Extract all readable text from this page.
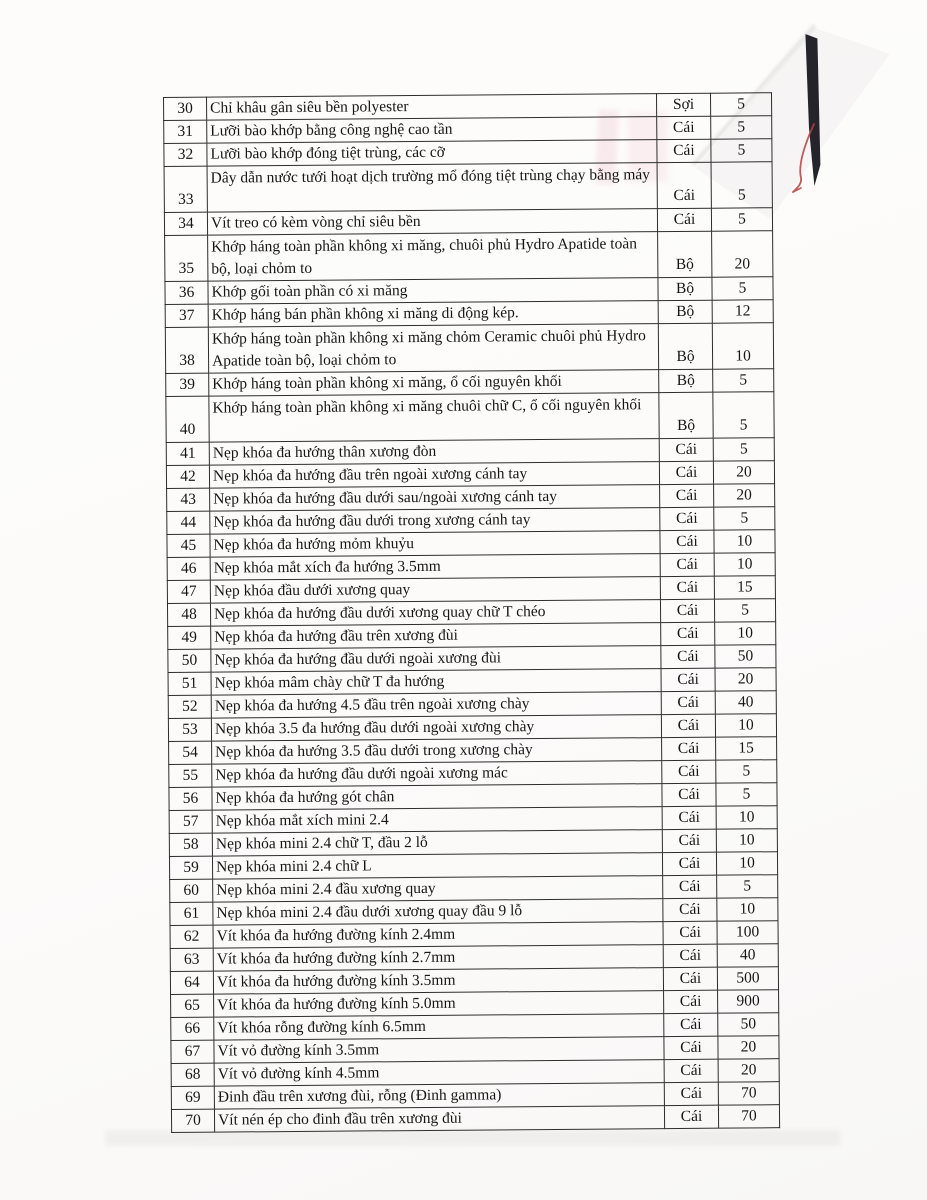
30	Chỉ khâu gân siêu bền polyester	Sợi	5
31	Lưỡi bào khớp bằng công nghệ cao tần	Cái	5
32	Lưỡi bào khớp đóng tiệt trùng, các cỡ	Cái	5
33	Dây dẫn nước tưới hoạt dịch trường mổ đóng tiệt trùng chạy bằng máy	Cái	5
34	Vít treo có kèm vòng chỉ siêu bền	Cái	5
35	Khớp háng toàn phần không xi măng, chuôi phủ Hydro Apatide toàn bộ, loại chỏm to	Bộ	20
36	Khớp gối toàn phần có xi măng	Bộ	5
37	Khớp háng bán phần không xi măng di động kép.	Bộ	12
38	Khớp háng toàn phần không xi măng chỏm Ceramic chuôi phủ Hydro Apatide toàn bộ, loại chỏm to	Bộ	10
39	Khớp háng toàn phần không xi măng, ổ cối nguyên khối	Bộ	5
40	Khớp háng toàn phần không xi măng chuôi chữ C, ổ cối nguyên khối	Bộ	5
41	Nẹp khóa đa hướng thân xương đòn	Cái	5
42	Nẹp khóa đa hướng đầu trên ngoài xương cánh tay	Cái	20
43	Nẹp khóa đa hướng đầu dưới sau/ngoài xương cánh tay	Cái	20
44	Nẹp khóa đa hướng đầu dưới trong xương cánh tay	Cái	5
45	Nẹp khóa đa hướng mỏm khuỷu	Cái	10
46	Nẹp khóa mắt xích đa hướng 3.5mm	Cái	10
47	Nẹp khóa đầu dưới xương quay	Cái	15
48	Nẹp khóa đa hướng đầu dưới xương quay chữ T chéo	Cái	5
49	Nẹp khóa đa hướng đầu trên xương đùi	Cái	10
50	Nẹp khóa đa hướng đầu dưới ngoài xương đùi	Cái	50
51	Nẹp khóa mâm chày chữ T đa hướng	Cái	20
52	Nẹp khóa đa hướng 4.5 đầu trên ngoài xương chày	Cái	40
53	Nẹp khóa 3.5 đa hướng đầu dưới ngoài xương chày	Cái	10
54	Nẹp khóa đa hướng 3.5 đầu dưới trong xương chày	Cái	15
55	Nẹp khóa đa hướng đầu dưới ngoài xương mác	Cái	5
56	Nẹp khóa đa hướng gót chân	Cái	5
57	Nẹp khóa mắt xích mini 2.4	Cái	10
58	Nẹp khóa mini 2.4 chữ T, đầu 2 lỗ	Cái	10
59	Nẹp khóa mini 2.4 chữ L	Cái	10
60	Nẹp khóa mini 2.4 đầu xương quay	Cái	5
61	Nẹp khóa mini 2.4 đầu dưới xương quay đầu 9 lỗ	Cái	10
62	Vít khóa đa hướng đường kính 2.4mm	Cái	100
63	Vít khóa đa hướng đường kính 2.7mm	Cái	40
64	Vít khóa đa hướng đường kính 3.5mm	Cái	500
65	Vít khóa đa hướng đường kính 5.0mm	Cái	900
66	Vít khóa rỗng đường kính 6.5mm	Cái	50
67	Vít vỏ đường kính 3.5mm	Cái	20
68	Vít vỏ đường kính 4.5mm	Cái	20
69	Đinh đầu trên xương đùi, rỗng (Đinh gamma)	Cái	70
70	Vít nén ép cho đinh đầu trên xương đùi	Cái	70
